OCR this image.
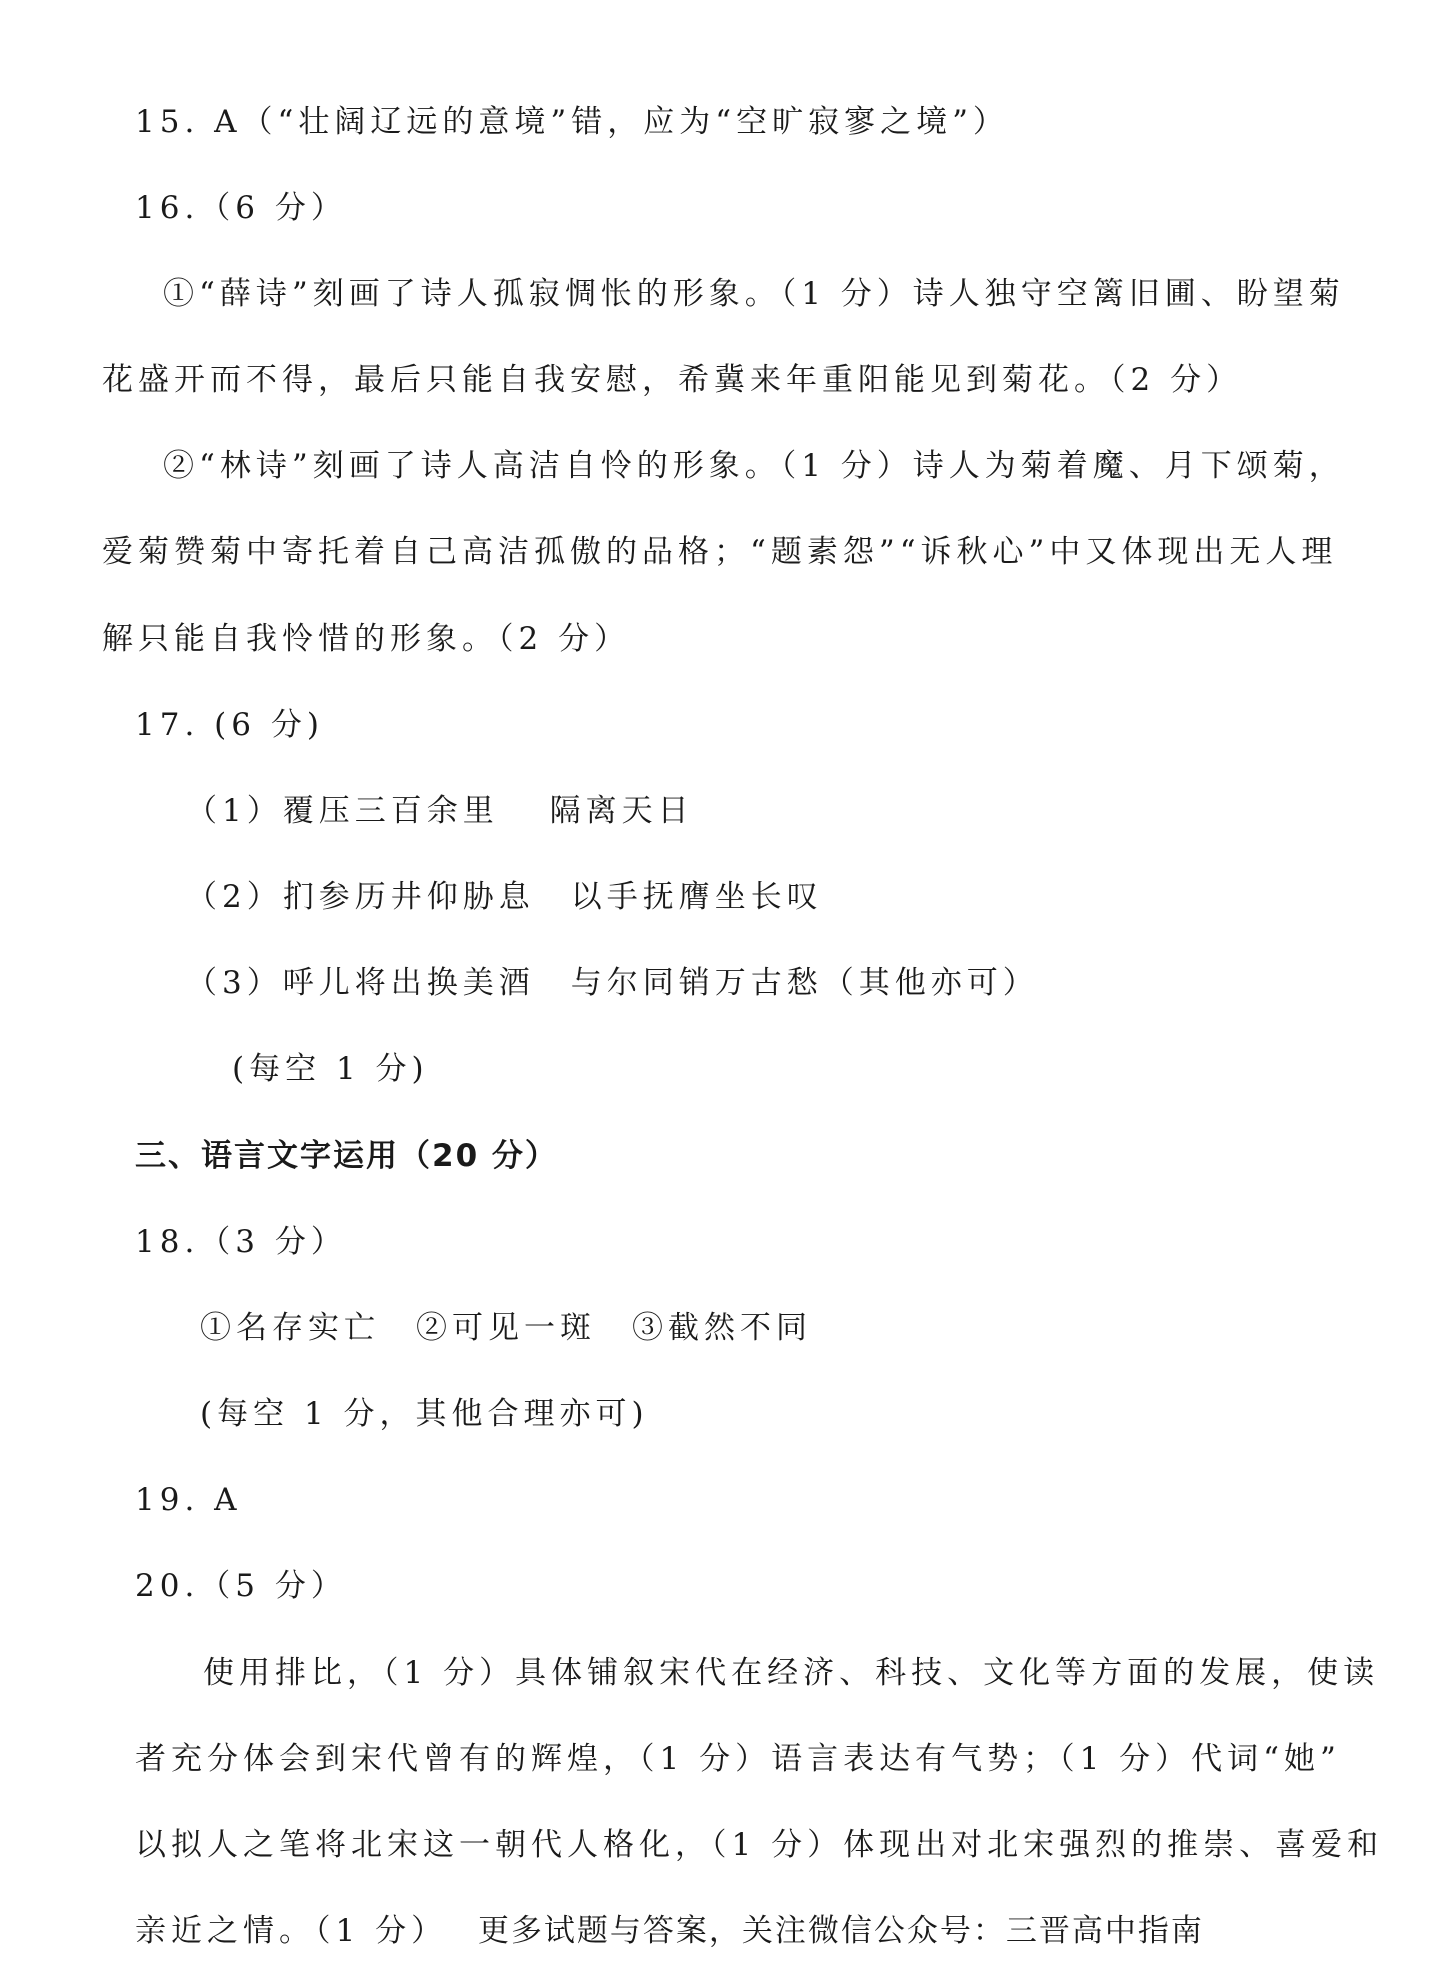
15. A（“壮阔辽远的意境”错，应为“空旷寂寥之境”）
16.（6 分）
①“薛诗”刻画了诗人孤寂惆怅的形象。（1 分）诗人独守空篱旧圃、盼望菊
花盛开而不得，最后只能自我安慰，希冀来年重阳能见到菊花。（2 分）
②“林诗”刻画了诗人高洁自怜的形象。（1 分）诗人为菊着魔、月下颂菊，
爱菊赞菊中寄托着自己高洁孤傲的品格；“题素怨”“诉秋心”中又体现出无人理
解只能自我怜惜的形象。（2 分）
17. (6 分)
（1）覆压三百余里　 隔离天日
（2）扪参历井仰胁息　以手抚膺坐长叹
（3）呼儿将出换美酒　与尔同销万古愁（其他亦可）
(每空 1 分)
三、语言文字运用（20 分）
18.（3 分）
①名存实亡　②可见一斑　③截然不同
(每空 1 分，其他合理亦可)
19. A
20.（5 分）
使用排比，（1 分）具体铺叙宋代在经济、科技、文化等方面的发展，使读
者充分体会到宋代曾有的辉煌，（1 分）语言表达有气势；（1 分）代词“她”
以拟人之笔将北宋这一朝代人格化，（1 分）体现出对北宋强烈的推崇、喜爱和
亲近之情。（1 分） 更多试题与答案，关注微信公众号：三晋高中指南
